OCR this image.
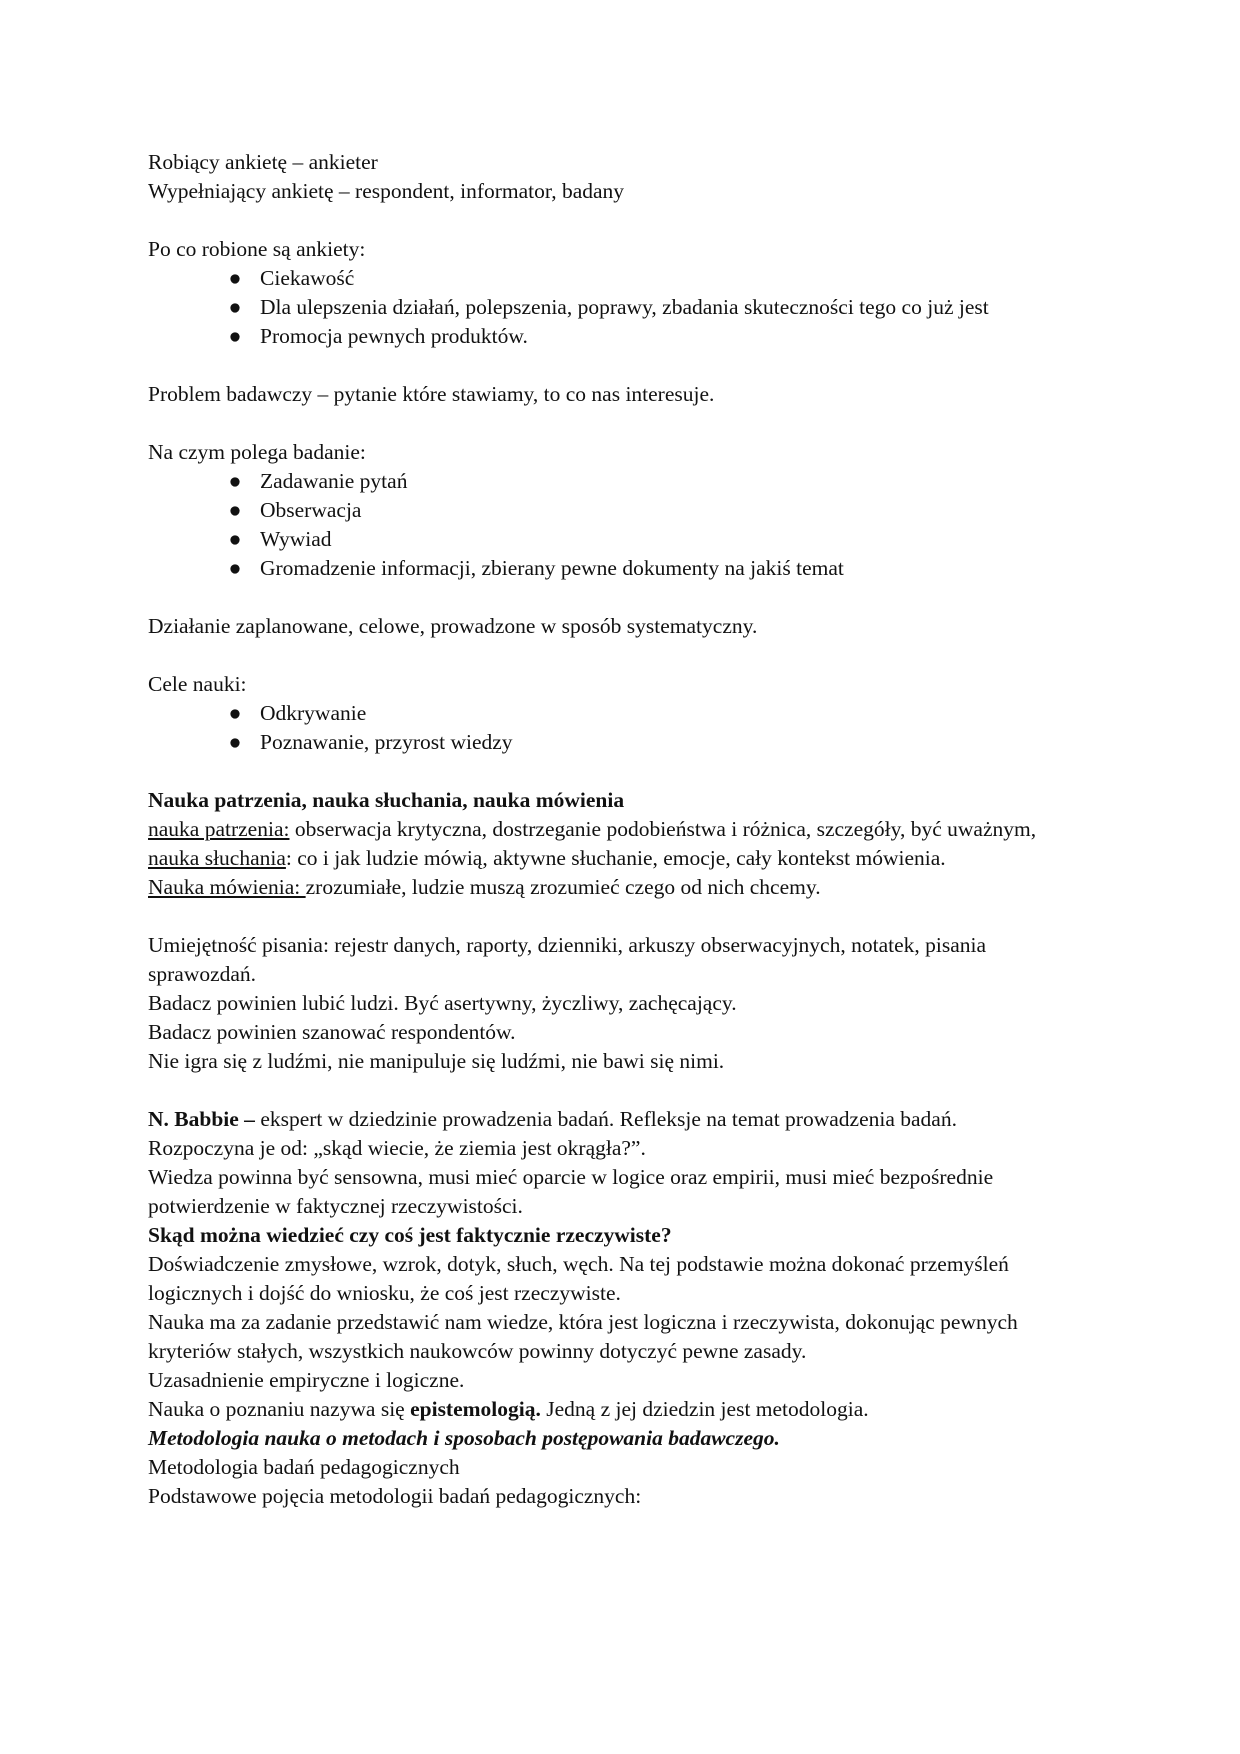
Robiący ankietę – ankieter

Wypełniający ankietę – respondent, informator, badany

Po co robione są ankiety:

● Ciekawość
● Dla ulepszenia działań, polepszenia, poprawy, zbadania skuteczności tego co już jest
● Promocja pewnych produktów.

Problem badawczy – pytanie które stawiamy, to co nas interesuje.

Na czym polega badanie:

● Zadawanie pytań
● Obserwacja
● Wywiad
● Gromadzenie informacji, zbierany pewne dokumenty na jakiś temat

Działanie zaplanowane, celowe, prowadzone w sposób systematyczny.

Cele nauki:

● Odkrywanie
● Poznawanie, przyrost wiedzy

Nauka patrzenia, nauka słuchania, nauka mówienia

nauka patrzenia: obserwacja krytyczna, dostrzeganie podobieństwa i różnica, szczegóły, być uważnym,

nauka słuchania: co i jak ludzie mówią, aktywne słuchanie, emocje, cały kontekst mówienia.

Nauka mówienia: zrozumiałe, ludzie muszą zrozumieć czego od nich chcemy.

Umiejętność pisania: rejestr danych, raporty, dzienniki, arkuszy obserwacyjnych, notatek, pisania sprawozdań.

Badacz powinien lubić ludzi. Być asertywny, życzliwy, zachęcający.

Badacz powinien szanować respondentów.

Nie igra się z ludźmi, nie manipuluje się ludźmi, nie bawi się nimi.

N. Babbie – ekspert w dziedzinie prowadzenia badań. Refleksje na temat prowadzenia badań.

Rozpoczyna je od: „skąd wiecie, że ziemia jest okrągła?”.

Wiedza powinna być sensowna, musi mieć oparcie w logice oraz empirii, musi mieć bezpośrednie potwierdzenie w faktycznej rzeczywistości.

Skąd można wiedzieć czy coś jest faktycznie rzeczywiste?

Doświadczenie zmysłowe, wzrok, dotyk, słuch, węch. Na tej podstawie można dokonać przemyśleń logicznych i dojść do wniosku, że coś jest rzeczywiste.

Nauka ma za zadanie przedstawić nam wiedze, która jest logiczna i rzeczywista, dokonując pewnych kryteriów stałych, wszystkich naukowców powinny dotyczyć pewne zasady.

Uzasadnienie empiryczne i logiczne.

Nauka o poznaniu nazywa się epistemologią. Jedną z jej dziedzin jest metodologia.

Metodologia nauka o metodach i sposobach postępowania badawczego.

Metodologia badań pedagogicznych

Podstawowe pojęcia metodologii badań pedagogicznych:
